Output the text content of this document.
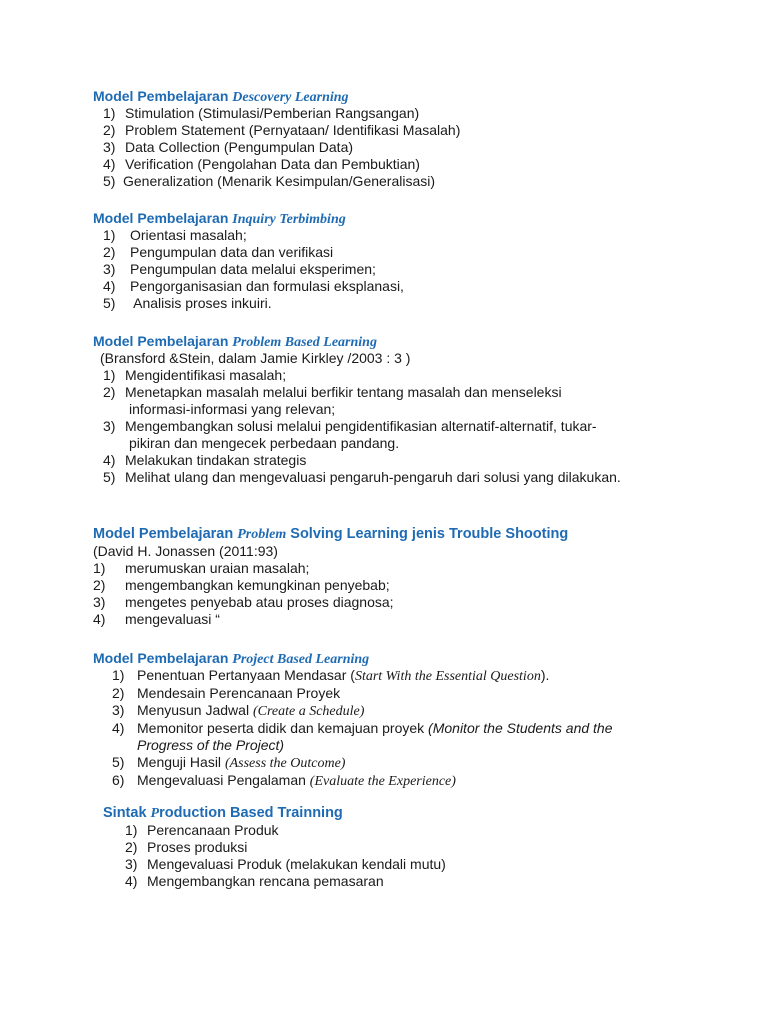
Model Pembelajaran Descovery Learning
1) Stimulation (Stimulasi/Pemberian Rangsangan)
2) Problem Statement (Pernyataan/ Identifikasi Masalah)
3) Data Collection (Pengumpulan Data)
4) Verification (Pengolahan Data dan Pembuktian)
5) Generalization (Menarik Kesimpulan/Generalisasi)
Model Pembelajaran Inquiry Terbimbing
1) Orientasi masalah;
2) Pengumpulan data dan verifikasi
3) Pengumpulan data melalui eksperimen;
4) Pengorganisasian dan formulasi eksplanasi,
5) Analisis proses inkuiri.
Model Pembelajaran Problem Based Learning
(Bransford &Stein, dalam Jamie Kirkley /2003 : 3 )
1) Mengidentifikasi masalah;
2) Menetapkan masalah melalui berfikir tentang masalah dan menseleksi
informasi-informasi yang relevan;
3) Mengembangkan solusi melalui pengidentifikasian alternatif-alternatif, tukar-
pikiran dan mengecek perbedaan pandang.
4) Melakukan tindakan strategis
5) Melihat ulang dan mengevaluasi pengaruh-pengaruh dari solusi yang dilakukan.
Model Pembelajaran Problem Solving Learning jenis Trouble Shooting
(David H. Jonassen (2011:93)
1) merumuskan uraian masalah;
2) mengembangkan kemungkinan penyebab;
3) mengetes penyebab atau proses diagnosa;
4) mengevaluasi “
Model Pembelajaran Project Based Learning
1) Penentuan Pertanyaan Mendasar (Start With the Essential Question).
2) Mendesain Perencanaan Proyek
3) Menyusun Jadwal (Create a Schedule)
4) Memonitor peserta didik dan kemajuan proyek (Monitor the Students and the
Progress of the Project)
5) Menguji Hasil (Assess the Outcome)
6) Mengevaluasi Pengalaman (Evaluate the Experience)
Sintak Production Based Trainning
1) Perencanaan Produk
2) Proses produksi
3) Mengevaluasi Produk (melakukan kendali mutu)
4) Mengembangkan rencana pemasaran
